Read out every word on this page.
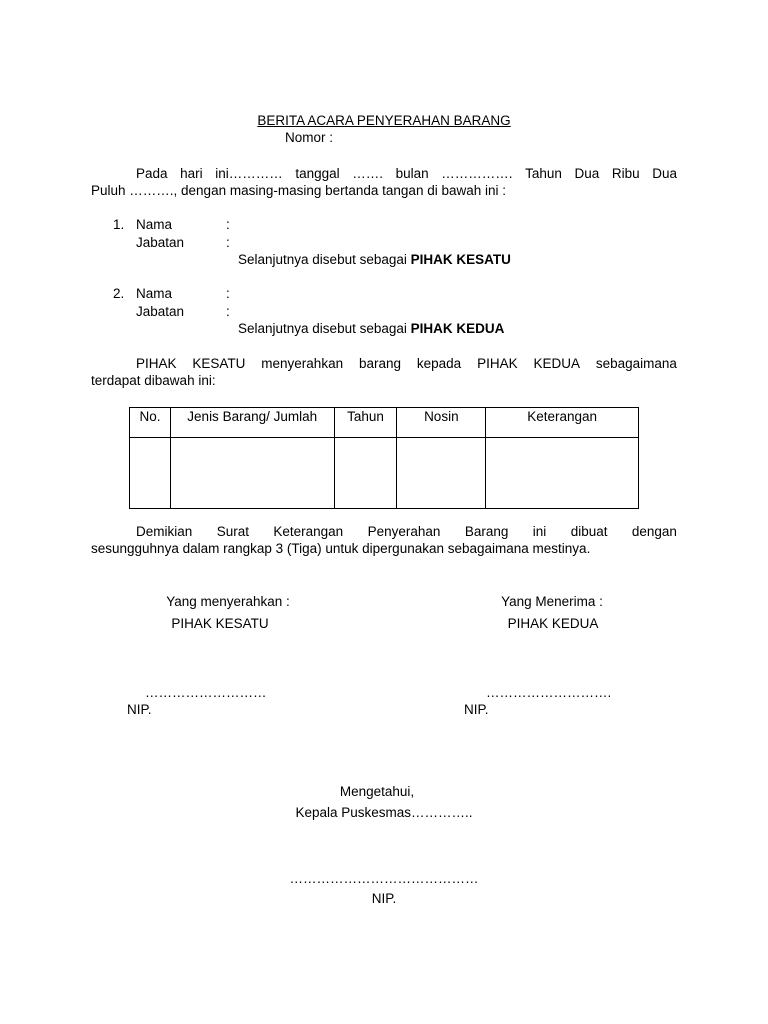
BERITA ACARA PENYERAHAN BARANG
Nomor :
Pada hari ini………… tanggal ……. bulan ……………. Tahun Dua Ribu Dua
Puluh ………., dengan masing-masing bertanda tangan di bawah ini :
1. Nama	:
Jabatan	:
Selanjutnya disebut sebagai PIHAK KESATU
2. Nama	:
Jabatan	:
Selanjutnya disebut sebagai PIHAK KEDUA
PIHAK KESATU menyerahkan barang kepada PIHAK KEDUA sebagaimana
terdapat dibawah ini:
No.	Jenis Barang/ Jumlah	Tahun	Nosin	Keterangan

Demikian Surat Keterangan Penyerahan Barang ini dibuat dengan
sesungguhnya dalam rangkap 3 (Tiga) untuk dipergunakan sebagaimana mestinya.
Yang menyerahkan :
PIHAK KESATU
………………………
NIP.
Yang Menerima :
PIHAK KEDUA
……………………….
NIP.
Mengetahui,
Kepala Puskesmas…………..
……………………………………
NIP.
